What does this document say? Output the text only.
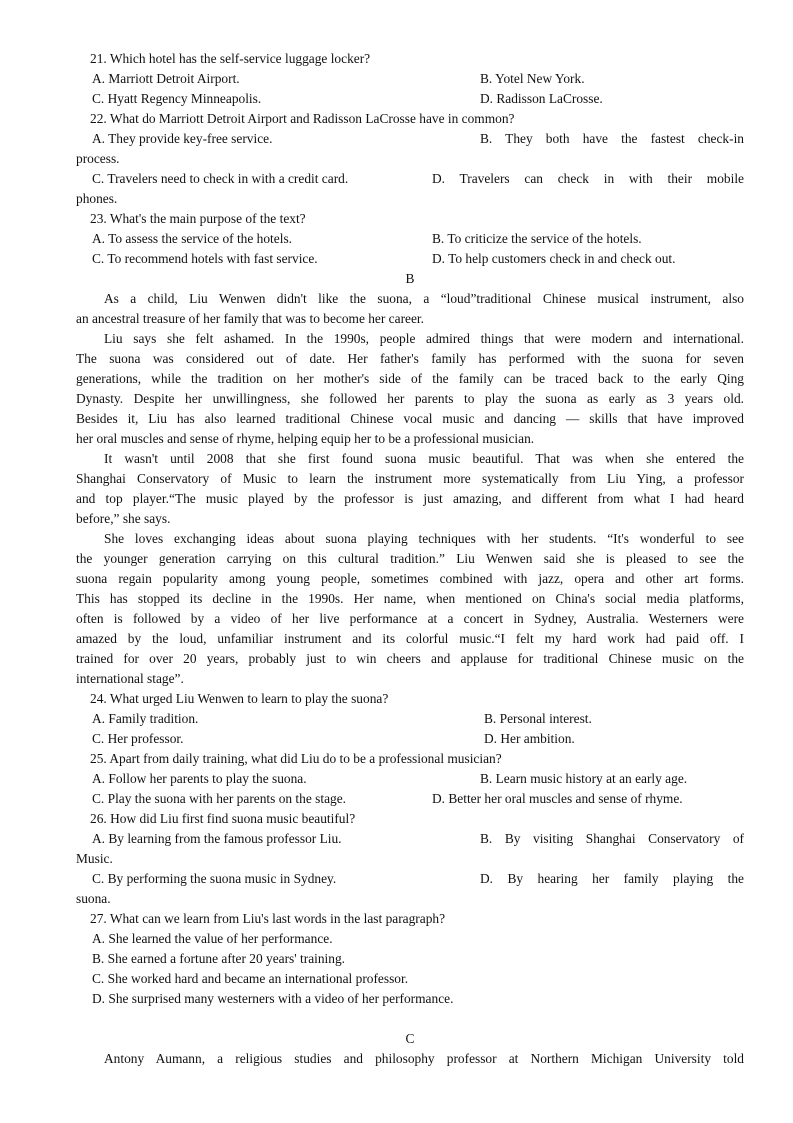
21. Which hotel has the self-service luggage locker?
A. Marriott Detroit Airport.	B. Yotel New York.
C. Hyatt Regency Minneapolis.	D. Radisson LaCrosse.
22. What do Marriott Detroit Airport and Radisson LaCrosse have in common?
A. They provide key-free service.	B. They both have the fastest check-in
process.
C. Travelers need to check in with a credit card.	D. Travelers can check in with their mobile
phones.
23. What's the main purpose of the text?
A. To assess the service of the hotels.	B. To criticize the service of the hotels.
C. To recommend hotels with fast service.	D. To help customers check in and check out.
B
As a child, Liu Wenwen didn't like the suona, a “loud”traditional Chinese musical instrument, also
an ancestral treasure of her family that was to become her career.
Liu says she felt ashamed. In the 1990s, people admired things that were modern and international.
The suona was considered out of date. Her father's family has performed with the suona for seven
generations, while the tradition on her mother's side of the family can be traced back to the early Qing
Dynasty. Despite her unwillingness, she followed her parents to play the suona as early as 3 years old.
Besides it, Liu has also learned traditional Chinese vocal music and dancing — skills that have improved
her oral muscles and sense of rhyme, helping equip her to be a professional musician.
It wasn't until 2008 that she first found suona music beautiful. That was when she entered the
Shanghai Conservatory of Music to learn the instrument more systematically from Liu Ying, a professor
and top player.“The music played by the professor is just amazing, and different from what I had heard
before,” she says.
She loves exchanging ideas about suona playing techniques with her students. “It's wonderful to see
the younger generation carrying on this cultural tradition.” Liu Wenwen said she is pleased to see the
suona regain popularity among young people, sometimes combined with jazz, opera and other art forms.
This has stopped its decline in the 1990s. Her name, when mentioned on China's social media platforms,
often is followed by a video of her live performance at a concert in Sydney, Australia. Westerners were
amazed by the loud, unfamiliar instrument and its colorful music.“I felt my hard work had paid off. I
trained for over 20 years, probably just to win cheers and applause for traditional Chinese music on the
international stage”.
24. What urged Liu Wenwen to learn to play the suona?
A. Family tradition.	B. Personal interest.
C. Her professor.	D. Her ambition.
25. Apart from daily training, what did Liu do to be a professional musician?
A. Follow her parents to play the suona.	B. Learn music history at an early age.
C. Play the suona with her parents on the stage.	D. Better her oral muscles and sense of rhyme.
26. How did Liu first find suona music beautiful?
A. By learning from the famous professor Liu.	B. By visiting Shanghai Conservatory of
Music.
C. By performing the suona music in Sydney.	D. By hearing her family playing the
suona.
27. What can we learn from Liu's last words in the last paragraph?
A. She learned the value of her performance.
B. She earned a fortune after 20 years' training.
C. She worked hard and became an international professor.
D. She surprised many westerners with a video of her performance.
C
Antony Aumann, a religious studies and philosophy professor at Northern Michigan University told
